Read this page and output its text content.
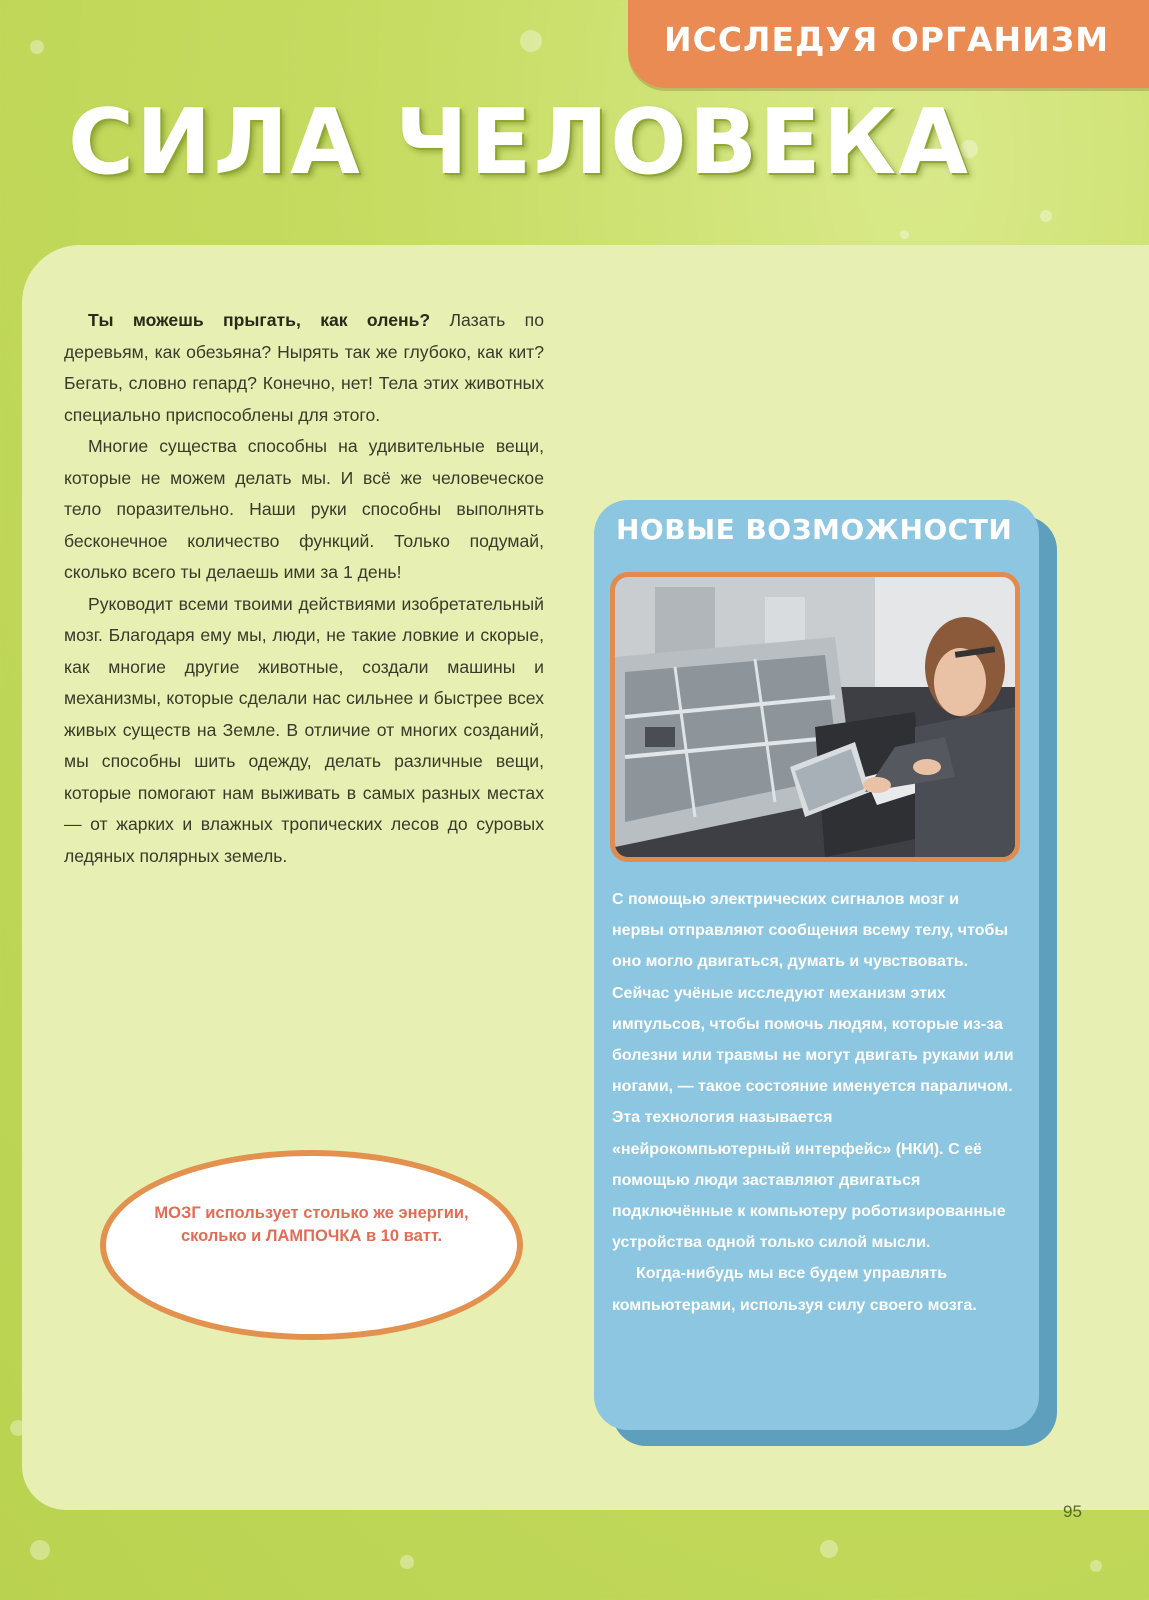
ИССЛЕДУЯ ОРГАНИЗМ
СИЛА ЧЕЛОВЕКА

Ты можешь прыгать, как олень? Лазать по деревьям, как обезьяна? Нырять так же глубоко, как кит? Бегать, словно гепард? Конечно, нет! Тела этих животных специально приспособлены для этого.

Многие существа способны на удивительные вещи, которые не можем делать мы. И всё же человеческое тело поразительно. Наши руки способны выполнять бесконечное количество функций. Только подумай, сколько всего ты делаешь ими за 1 день!

Руководит всеми твоими действиями изобретательный мозг. Благодаря ему мы, люди, не такие ловкие и скорые, как многие другие животные, создали машины и механизмы, которые сделали нас сильнее и быстрее всех живых существ на Земле. В отличие от многих созданий, мы способны шить одежду, делать различные вещи, которые помогают нам выживать в самых разных местах — от жарких и влажных тропических лесов до суровых ледяных полярных земель.

МОЗГ использует столько же энергии, сколько и ЛАМПОЧКА в 10 ватт.
НОВЫЕ ВОЗМОЖНОСТИ

С помощью электрических сигналов мозг и нервы отправляют сообщения всему телу, чтобы оно могло двигаться, думать и чувствовать. Сейчас учёные исследуют механизм этих импульсов, чтобы помочь людям, которые из-за болезни или травмы не могут двигать руками или ногами, — такое состояние именуется параличом. Эта технология называется «нейрокомпьютерный интерфейс» (НКИ). С её помощью люди заставляют двигаться подключённые к компьютеру роботизированные устройства одной только силой мысли.

Когда-нибудь мы все будем управлять компьютерами, используя силу своего мозга.

95
